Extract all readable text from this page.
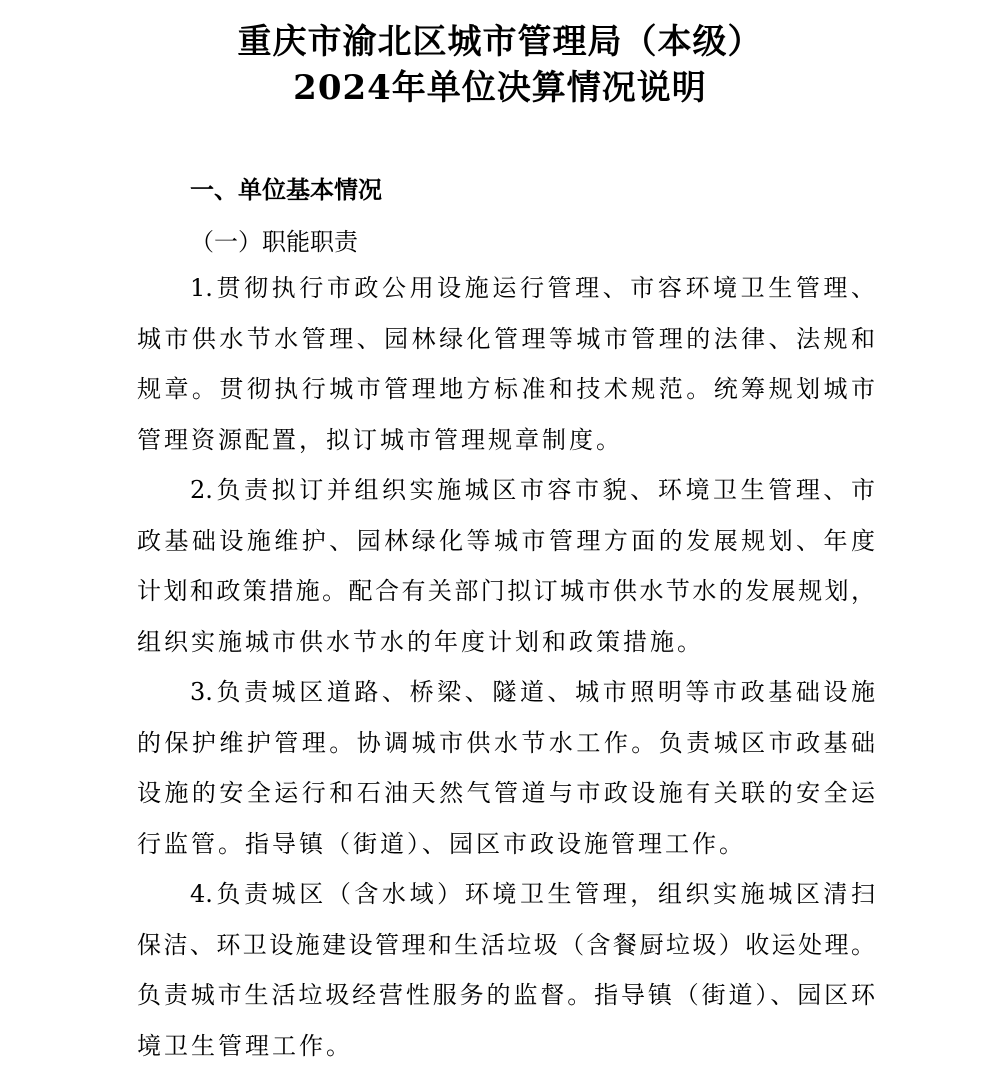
重庆市渝北区城市管理局（本级）
2024年单位决算情况说明
一、单位基本情况
（一）职能职责
1.贯彻执行市政公用设施运行管理、市容环境卫生管理、
城市供水节水管理、园林绿化管理等城市管理的法律、法规和
规章。贯彻执行城市管理地方标准和技术规范。统筹规划城市
管理资源配置，拟订城市管理规章制度。
2.负责拟订并组织实施城区市容市貌、环境卫生管理、市
政基础设施维护、园林绿化等城市管理方面的发展规划、年度
计划和政策措施。配合有关部门拟订城市供水节水的发展规划，
组织实施城市供水节水的年度计划和政策措施。
3.负责城区道路、桥梁、隧道、城市照明等市政基础设施
的保护维护管理。协调城市供水节水工作。负责城区市政基础
设施的安全运行和石油天然气管道与市政设施有关联的安全运
行监管。指导镇（街道）、园区市政设施管理工作。
4.负责城区（含水域）环境卫生管理，组织实施城区清扫
保洁、环卫设施建设管理和生活垃圾（含餐厨垃圾）收运处理。
负责城市生活垃圾经营性服务的监督。指导镇（街道）、园区环
境卫生管理工作。
